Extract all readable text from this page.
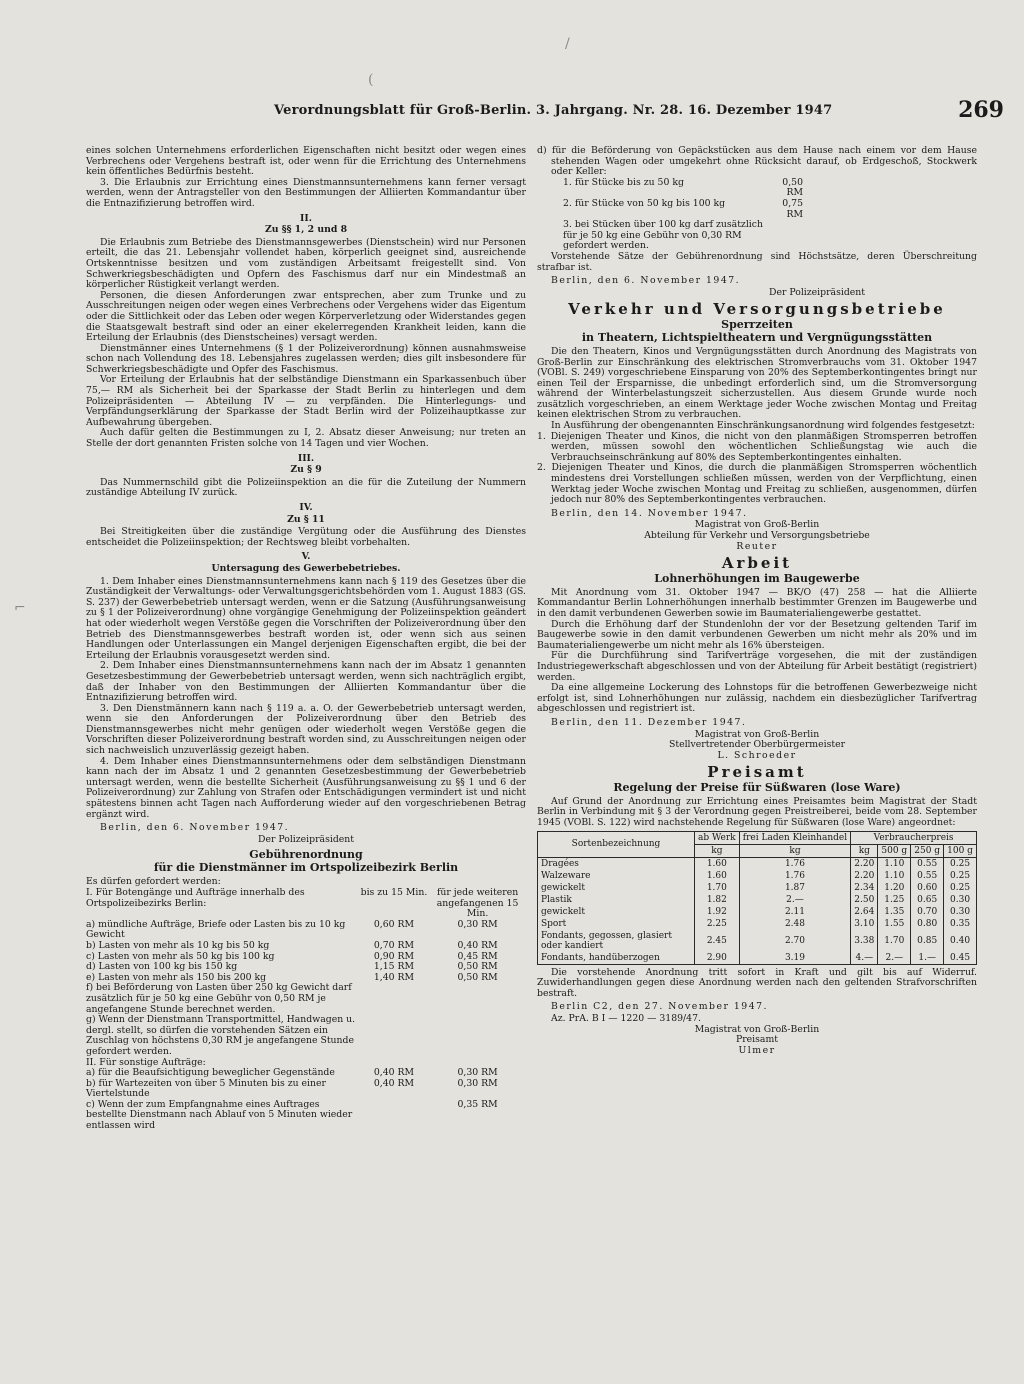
(
/
⌐
Verordnungsblatt für Groß-Berlin. 3. Jahrgang. Nr. 28. 16. Dezember 1947	269

eines solchen Unternehmens erforderlichen Eigenschaften nicht besitzt oder wegen eines Verbrechens oder Vergehens bestraft ist, oder wenn für die Errichtung des Unternehmens kein öffentliches Bedürfnis besteht.

3. Die Erlaubnis zur Errichtung eines Dienstmannsunternehmens kann ferner versagt werden, wenn der Antragsteller von den Bestimmungen der Alliierten Kommandantur über die Entnazifizierung betroffen wird.

II.
Zu §§ 1, 2 und 8

Die Erlaubnis zum Betriebe des Dienstmannsgewerbes (Dienstschein) wird nur Personen erteilt, die das 21. Lebensjahr vollendet haben, körperlich geeignet sind, ausreichende Ortskenntnisse besitzen und vom zuständigen Arbeitsamt freigestellt sind. Von Schwerkriegsbeschädigten und Opfern des Faschismus darf nur ein Mindestmaß an körperlicher Rüstigkeit verlangt werden.

Personen, die diesen Anforderungen zwar entsprechen, aber zum Trunke und zu Ausschreitungen neigen oder wegen eines Verbrechens oder Vergehens wider das Eigentum oder die Sittlichkeit oder das Leben oder wegen Körperverletzung oder Widerstandes gegen die Staatsgewalt bestraft sind oder an einer ekelerregenden Krankheit leiden, kann die Erteilung der Erlaubnis (des Dienstscheines) versagt werden.

Dienstmänner eines Unternehmens (§ 1 der Polizeiverordnung) können ausnahmsweise schon nach Vollendung des 18. Lebensjahres zugelassen werden; dies gilt insbesondere für Schwerkriegsbeschädigte und Opfer des Faschismus.

Vor Erteilung der Erlaubnis hat der selbständige Dienstmann ein Sparkassenbuch über 75,— RM als Sicherheit bei der Sparkasse der Stadt Berlin zu hinterlegen und dem Polizeipräsidenten — Abteilung IV — zu verpfänden. Die Hinterlegungs- und Verpfändungserklärung der Sparkasse der Stadt Berlin wird der Polizeihauptkasse zur Aufbewahrung übergeben.

Auch dafür gelten die Bestimmungen zu I, 2. Absatz dieser Anweisung; nur treten an Stelle der dort genannten Fristen solche von 14 Tagen und vier Wochen.

III.
Zu § 9

Das Nummernschild gibt die Polizeiinspektion an die für die Zuteilung der Nummern zuständige Abteilung IV zurück.

IV.
Zu § 11

Bei Streitigkeiten über die zuständige Vergütung oder die Ausführung des Dienstes entscheidet die Polizeiinspektion; der Rechtsweg bleibt vorbehalten.

V.
Untersagung des Gewerbebetriebes.

1. Dem Inhaber eines Dienstmannsunternehmens kann nach § 119 des Gesetzes über die Zuständigkeit der Verwaltungs- oder Verwaltungsgerichtsbehörden vom 1. August 1883 (GS. S. 237) der Gewerbebetrieb untersagt werden, wenn er die Satzung (Ausführungsanweisung zu § 1 der Polizeiverordnung) ohne vorgängige Genehmigung der Polizeiinspektion geändert hat oder wiederholt wegen Verstöße gegen die Vorschriften der Polizeiverordnung über den Betrieb des Dienstmannsgewerbes bestraft worden ist, oder wenn sich aus seinen Handlungen oder Unterlassungen ein Mangel derjenigen Eigenschaften ergibt, die bei der Erteilung der Erlaubnis vorausgesetzt werden sind.

2. Dem Inhaber eines Dienstmannsunternehmens kann nach der im Absatz 1 genannten Gesetzesbestimmung der Gewerbebetrieb untersagt werden, wenn sich nachträglich ergibt, daß der Inhaber von den Bestimmungen der Alliierten Kommandantur über die Entnazifizierung betroffen wird.

3. Den Dienstmännern kann nach § 119 a. a. O. der Gewerbebetrieb untersagt werden, wenn sie den Anforderungen der Polizeiverordnung über den Betrieb des Dienstmannsgewerbes nicht mehr genügen oder wiederholt wegen Verstöße gegen die Vorschriften dieser Polizeiverordnung bestraft worden sind, zu Ausschreitungen neigen oder sich nachweislich unzuverlässig gezeigt haben.

4. Dem Inhaber eines Dienstmannsunternehmens oder dem selbständigen Dienstmann kann nach der im Absatz 1 und 2 genannten Gesetzesbestimmung der Gewerbebetrieb untersagt werden, wenn die bestellte Sicherheit (Ausführungsanweisung zu §§ 1 und 6 der Polizeiverordnung) zur Zahlung von Strafen oder Entschädigungen vermindert ist und nicht spätestens binnen acht Tagen nach Aufforderung wieder auf den vorgeschriebenen Betrag ergänzt wird.

Berlin, den 6. November 1947.
Der Polizeipräsident
Gebührenordnung
für die Dienstmänner im Ortspolizeibezirk Berlin

Es dürfen gefordert werden:

I. Für Botengänge und Aufträge innerhalb des Ortspolizeibezirks Berlin:	bis zu 15 Min.	für jede weiteren angefangenen 15 Min.
a) mündliche Aufträge, Briefe oder Lasten bis zu 10 kg Gewicht	0,60 RM	0,30 RM
b) Lasten von mehr als 10 kg bis 50 kg	0,70 RM	0,40 RM
c) Lasten von mehr als 50 kg bis 100 kg	0,90 RM	0,45 RM
d) Lasten von 100 kg bis 150 kg	1,15 RM	0,50 RM
e) Lasten von mehr als 150 bis 200 kg	1,40 RM	0,50 RM
f) bei Beförderung von Lasten über 250 kg Gewicht darf zusätzlich für je 50 kg eine Gebühr von 0,50 RM je angefangene Stunde berechnet werden.		
g) Wenn der Dienstmann Transportmittel, Handwagen u. dergl. stellt, so dürfen die vorstehenden Sätzen ein Zuschlag von höchstens 0,30 RM je angefangene Stunde gefordert werden.		
II. Für sonstige Aufträge:		
a) für die Beaufsichtigung beweglicher Gegenstände	0,40 RM	0,30 RM
b) für Wartezeiten von über 5 Minuten bis zu einer Viertelstunde	0,40 RM	0,30 RM
c) Wenn der zum Empfangnahme eines Auftrages bestellte Dienstmann nach Ablauf von 5 Minuten wieder entlassen wird		0,35 RM

d) für die Beförderung von Gepäckstücken aus dem Hause nach einem vor dem Hause stehenden Wagen oder umgekehrt ohne Rücksicht darauf, ob Erdgeschoß, Stockwerk oder Keller:

1. für Stücke bis zu 50 kg	0,50 RM
2. für Stücke von 50 kg bis 100 kg	0,75 RM
3. bei Stücken über 100 kg darf zusätzlich für je 50 kg eine Gebühr von 0,30 RM gefordert werden.	

Vorstehende Sätze der Gebührenordnung sind Höchstsätze, deren Überschreitung strafbar ist.

Berlin, den 6. November 1947.
Der Polizeipräsident
Verkehr und Versorgungsbetriebe
Sperrzeiten
in Theatern, Lichtspieltheatern und Vergnügungsstätten

Die den Theatern, Kinos und Vergnügungsstätten durch Anordnung des Magistrats von Groß-Berlin zur Einschränkung des elektrischen Stromverbrauchs vom 31. Oktober 1947 (VOBl. S. 249) vorgeschriebene Einsparung von 20% des Septemberkontingentes bringt nur einen Teil der Ersparnisse, die unbedingt erforderlich sind, um die Stromversorgung während der Winterbelastungszeit sicherzustellen. Aus diesem Grunde wurde noch zusätzlich vorgeschrieben, an einem Werktage jeder Woche zwischen Montag und Freitag keinen elektrischen Strom zu verbrauchen.

In Ausführung der obengenannten Einschränkungsanordnung wird folgendes festgesetzt:

1. Diejenigen Theater und Kinos, die nicht von den planmäßigen Stromsperren betroffen werden, müssen sowohl den wöchentlichen Schließungstag wie auch die Verbrauchseinschränkung auf 80% des Septemberkontingentes einhalten.

2. Diejenigen Theater und Kinos, die durch die planmäßigen Stromsperren wöchentlich mindestens drei Vorstellungen schließen müssen, werden von der Verpflichtung, einen Werktag jeder Woche zwischen Montag und Freitag zu schließen, ausgenommen, dürfen jedoch nur 80% des Septemberkontingentes verbrauchen.

Berlin, den 14. November 1947.
Magistrat von Groß-Berlin
Abteilung für Verkehr und Versorgungsbetriebe
Reuter
Arbeit
Lohnerhöhungen im Baugewerbe

Mit Anordnung vom 31. Oktober 1947 — BK/O (47) 258 — hat die Alliierte Kommandantur Berlin Lohnerhöhungen innerhalb bestimmter Grenzen im Baugewerbe und in den damit verbundenen Gewerben sowie im Baumaterialiengewerbe gestattet.

Durch die Erhöhung darf der Stundenlohn der vor der Besetzung geltenden Tarif im Baugewerbe sowie in den damit verbundenen Gewerben um nicht mehr als 20% und im Baumaterialiengewerbe um nicht mehr als 16% übersteigen.

Für die Durchführung sind Tarifverträge vorgesehen, die mit der zuständigen Industriegewerkschaft abgeschlossen und von der Abteilung für Arbeit bestätigt (registriert) werden.

Da eine allgemeine Lockerung des Lohnstops für die betroffenen Gewerbezweige nicht erfolgt ist, sind Lohnerhöhungen nur zulässig, nachdem ein diesbezüglicher Tarifvertrag abgeschlossen und registriert ist.

Berlin, den 11. Dezember 1947.
Magistrat von Groß-Berlin
Stellvertretender Oberbürgermeister
L. Schroeder
Preisamt
Regelung der Preise für Süßwaren (lose Ware)

Auf Grund der Anordnung zur Errichtung eines Preisamtes beim Magistrat der Stadt Berlin in Verbindung mit § 3 der Verordnung gegen Preistreiberei, beide vom 28. September 1945 (VOBl. S. 122) wird nachstehende Regelung für Süßwaren (lose Ware) angeordnet:

Sortenbezeichnung	ab Werk	frei Laden Kleinhandel	Verbraucherpreis			
	kg	kg	kg	500 g	250 g	100 g
Dragées	1.60	1.76	2.20	1.10	0.55	0.25
Walzeware	1.60	1.76	2.20	1.10	0.55	0.25
gewickelt	1.70	1.87	2.34	1.20	0.60	0.25
Plastik	1.82	2.—	2.50	1.25	0.65	0.30
gewickelt	1.92	2.11	2.64	1.35	0.70	0.30
Sport	2.25	2.48	3.10	1.55	0.80	0.35
Fondants, gegossen, glasiert oder kandiert	2.45	2.70	3.38	1.70	0.85	0.40
Fondants, handüberzogen	2.90	3.19	4.—	2.—	1.—	0.45

Die vorstehende Anordnung tritt sofort in Kraft und gilt bis auf Widerruf. Zuwiderhandlungen gegen diese Anordnung werden nach den geltenden Strafvorschriften bestraft.

Berlin C2, den 27. November 1947.
Az. PrA. B I — 1220 — 3189/47.
Magistrat von Groß-Berlin
Preisamt
Ulmer
